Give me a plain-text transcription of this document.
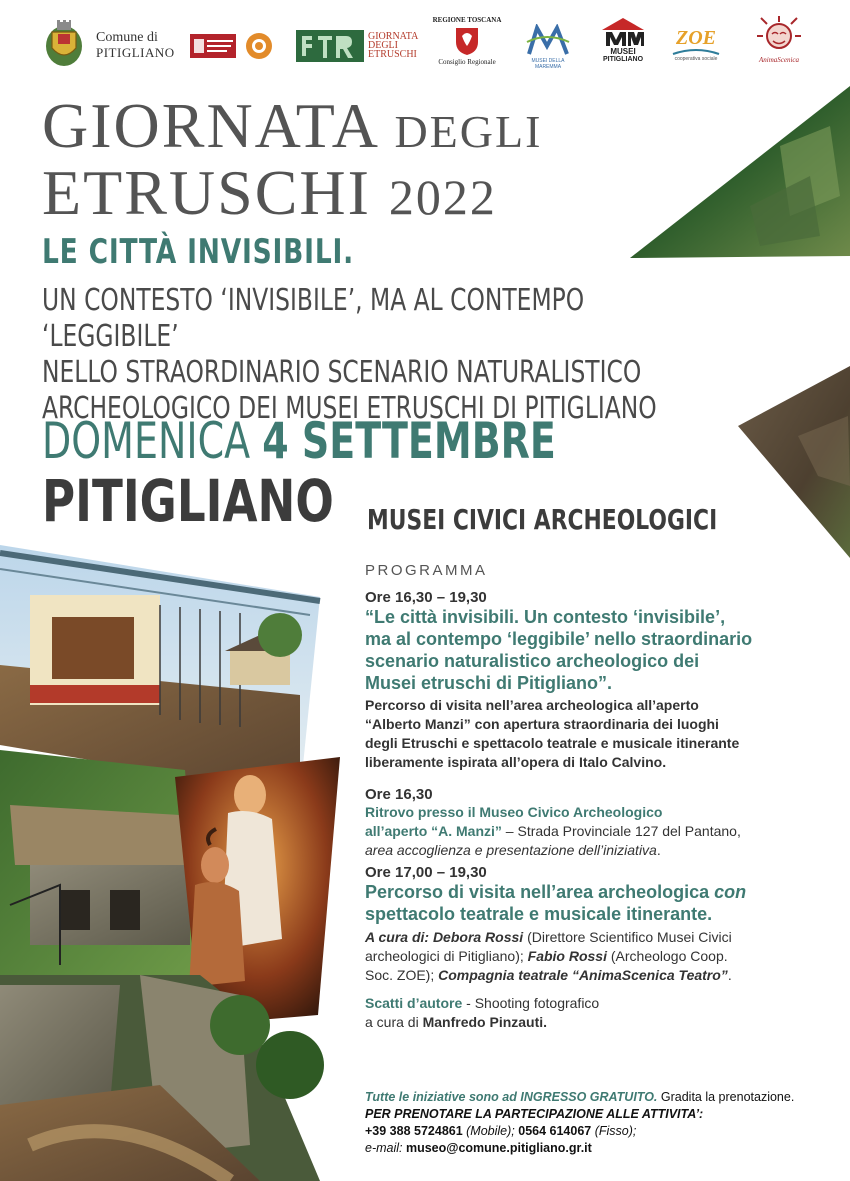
Comune di
PITIGLIANO
GIORNATA
DEGLI
ETRUSCHI
REGIONE TOSCANA
Consiglio Regionale	MUSEI DELLA MAREMMA
MUSEI
PITIGLIANO
ZOE
cooperativa sociale	AnimaScenica
GIORNATA DEGLI
ETRUSCHI 2022
LE CITTÀ INVISIBILI.
UN CONTESTO ‘INVISIBILE’, MA AL CONTEMPO ‘LEGGIBILE’
NELLO STRAORDINARIO SCENARIO NATURALISTICO
ARCHEOLOGICO DEI MUSEI ETRUSCHI DI PITIGLIANO
DOMENICA 4 SETTEMBRE
PITIGLIANO MUSEI CIVICI ARCHEOLOGICI
PROGRAMMA
Ore 16,30 – 19,30
“Le città invisibili. Un contesto ‘invisibile’,
ma al contempo ‘leggibile’ nello straordinario
scenario naturalistico archeologico dei
Musei etruschi di Pitigliano”.
Percorso di visita nell’area archeologica all’aperto
“Alberto Manzi” con apertura straordinaria dei luoghi
degli Etruschi e spettacolo teatrale e musicale itinerante
liberamente ispirata all’opera di Italo Calvino.
Ore 16,30
Ritrovo presso il Museo Civico Archeologico
all’aperto “A. Manzi” – Strada Provinciale 127 del Pantano,
area accoglienza e presentazione dell’iniziativa.
Ore 17,00 – 19,30
Percorso di visita nell’area archeologica con
spettacolo teatrale e musicale itinerante.
A cura di: Debora Rossi (Direttore Scientifico Musei Civici
archeologici di Pitigliano); Fabio Rossi (Archeologo Coop.
Soc. ZOE); Compagnia teatrale “AnimaScenica Teatro”.
Scatti d’autore - Shooting fotografico
a cura di Manfredo Pinzauti.
Tutte le iniziative sono ad INGRESSO GRATUITO. Gradita la prenotazione.
PER PRENOTARE LA PARTECIPAZIONE ALLE ATTIVITA’:
+39 388 5724861 (Mobile); 0564 614067 (Fisso);
e-mail: museo@comune.pitigliano.gr.it
